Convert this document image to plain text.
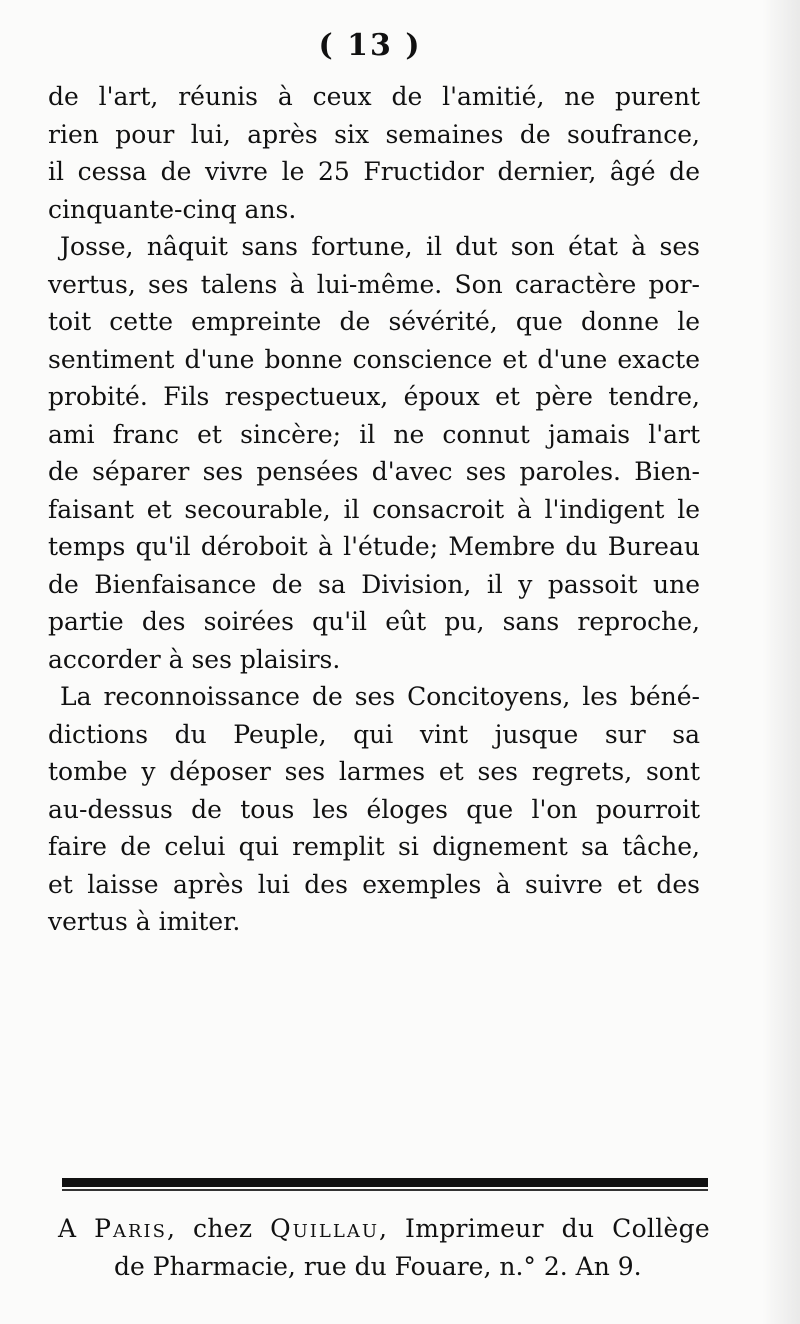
( 13 )
de l'art, réunis à ceux de l'amitié, ne purent
rien pour lui, après six semaines de soufrance,
il cessa de vivre le 25 Fructidor dernier, âgé de
cinquante-cinq ans.
Josse, nâquit sans fortune, il dut son état à ses
vertus, ses talens à lui-même. Son caractère por-
toit cette empreinte de sévérité, que donne le
sentiment d'une bonne conscience et d'une exacte
probité. Fils respectueux, époux et père tendre,
ami franc et sincère; il ne connut jamais l'art
de séparer ses pensées d'avec ses paroles. Bien-
faisant et secourable, il consacroit à l'indigent le
temps qu'il déroboit à l'étude; Membre du Bureau
de Bienfaisance de sa Division, il y passoit une
partie des soirées qu'il eût pu, sans reproche,
accorder à ses plaisirs.
La reconnoissance de ses Concitoyens, les béné-
dictions du Peuple, qui vint jusque sur sa
tombe y déposer ses larmes et ses regrets, sont
au-dessus de tous les éloges que l'on pourroit
faire de celui qui remplit si dignement sa tâche,
et laisse après lui des exemples à suivre et des
vertus à imiter.
A Paris, chez Quillau, Imprimeur du Collège
de Pharmacie, rue du Fouare, n.° 2. An 9.
